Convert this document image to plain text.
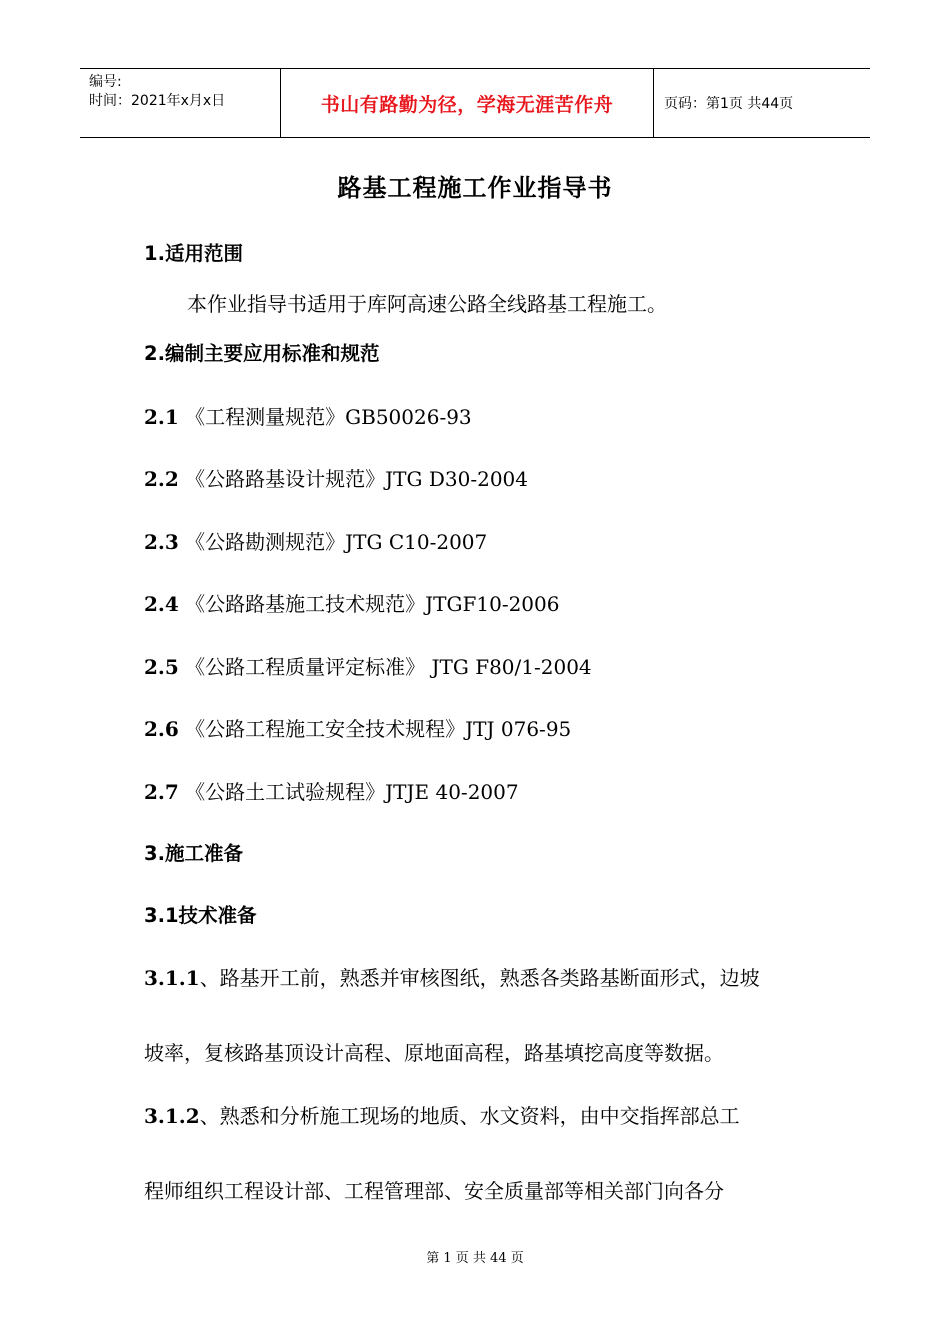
编号:
时间：2021年x月x日	书山有路勤为径，学海无涯苦作舟	页码：第1页 共44页
路基工程施工作业指导书
1.适用范围
本作业指导书适用于库阿高速公路全线路基工程施工。
2.编制主要应用标准和规范
2.1 《工程测量规范》GB50026-93
2.2 《公路路基设计规范》JTG D30-2004
2.3 《公路勘测规范》JTG C10-2007
2.4 《公路路基施工技术规范》JTGF10-2006
2.5 《公路工程质量评定标准》 JTG F80/1-2004
2.6 《公路工程施工安全技术规程》JTJ 076-95
2.7 《公路土工试验规程》JTJE 40-2007
3.施工准备
3.1技术准备
3.1.1、路基开工前，熟悉并审核图纸，熟悉各类路基断面形式，边坡
坡率，复核路基顶设计高程、原地面高程，路基填挖高度等数据。
3.1.2、熟悉和分析施工现场的地质、水文资料，由中交指挥部总工
程师组织工程设计部、工程管理部、安全质量部等相关部门向各分
第 1 页 共 44 页
